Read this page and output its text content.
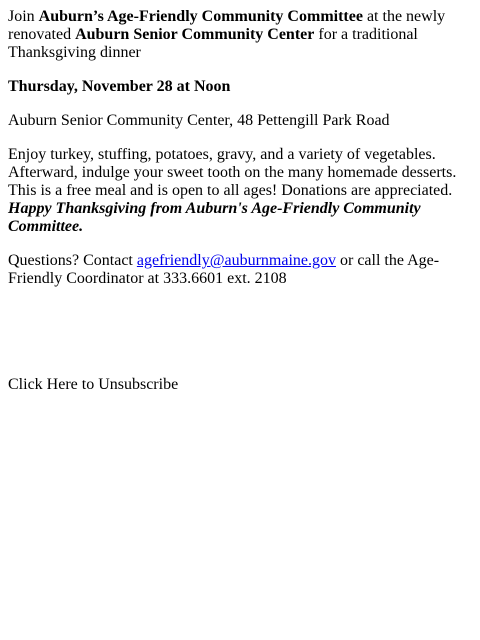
Join Auburn’s Age-Friendly Community Committee at the newly renovated Auburn Senior Community Center for a traditional Thanksgiving dinner

Thursday, November 28 at Noon

Auburn Senior Community Center, 48 Pettengill Park Road

Enjoy turkey, stuffing, potatoes, gravy, and a variety of vegetables. Afterward, indulge your sweet tooth on the many homemade desserts. This is a free meal and is open to all ages! Donations are appreciated.

Happy Thanksgiving from Auburn's Age-Friendly Community Committee.

Questions? Contact agefriendly@auburnmaine.gov or call the Age-Friendly Coordinator at 333.6601 ext. 2108

Click Here to Unsubscribe
